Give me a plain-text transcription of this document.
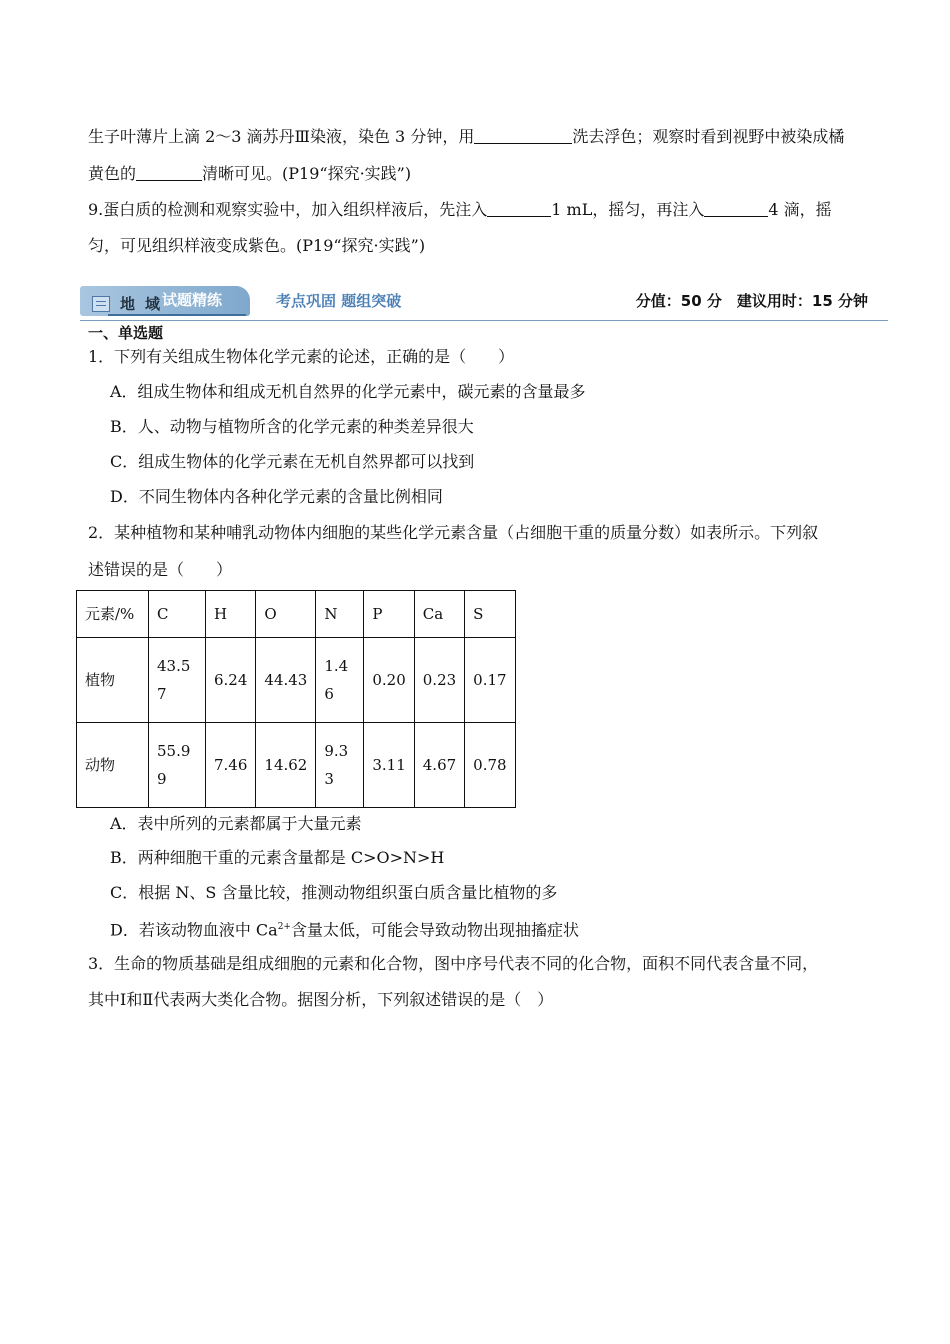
生子叶薄片上滴 2～3 滴苏丹Ⅲ染液，染色 3 分钟，用	洗去浮色；观察时看到视野中被染成橘

黄色的	清晰可见。(P19“探究·实践”)

9.蛋白质的检测和观察实验中，加入组织样液后，先注入	1 mL，摇匀，再注入	4 滴，摇

匀，可见组织样液变成紫色。(P19“探究·实践”)

地域
试题精练	考点巩固 题组突破	分值：50 分　建议用时：15 分钟
一、单选题

1．下列有关组成生物体化学元素的论述，正确的是（　　）

A．组成生物体和组成无机自然界的化学元素中，碳元素的含量最多

B．人、动物与植物所含的化学元素的种类差异很大

C．组成生物体的化学元素在无机自然界都可以找到

D．不同生物体内各种化学元素的含量比例相同

2．某种植物和某种哺乳动物体内细胞的某些化学元素含量（占细胞干重的质量分数）如表所示。下列叙

述错误的是（　　）

元素/%	C	H	O	N	P	Ca	S
植物	43.57	6.24	44.43	1.46	0.20	0.23	0.17
动物	55.99	7.46	14.62	9.33	3.11	4.67	0.78

A．表中所列的元素都属于大量元素

B．两种细胞干重的元素含量都是 C>O>N>H

C．根据 N、S 含量比较，推测动物组织蛋白质含量比植物的多

D．若该动物血液中 $Ca^{2+}$含量太低，可能会导致动物出现抽搐症状

3．生命的物质基础是组成细胞的元素和化合物，图中序号代表不同的化合物，面积不同代表含量不同，

其中Ⅰ和Ⅱ代表两大类化合物。据图分析，下列叙述错误的是（　）
